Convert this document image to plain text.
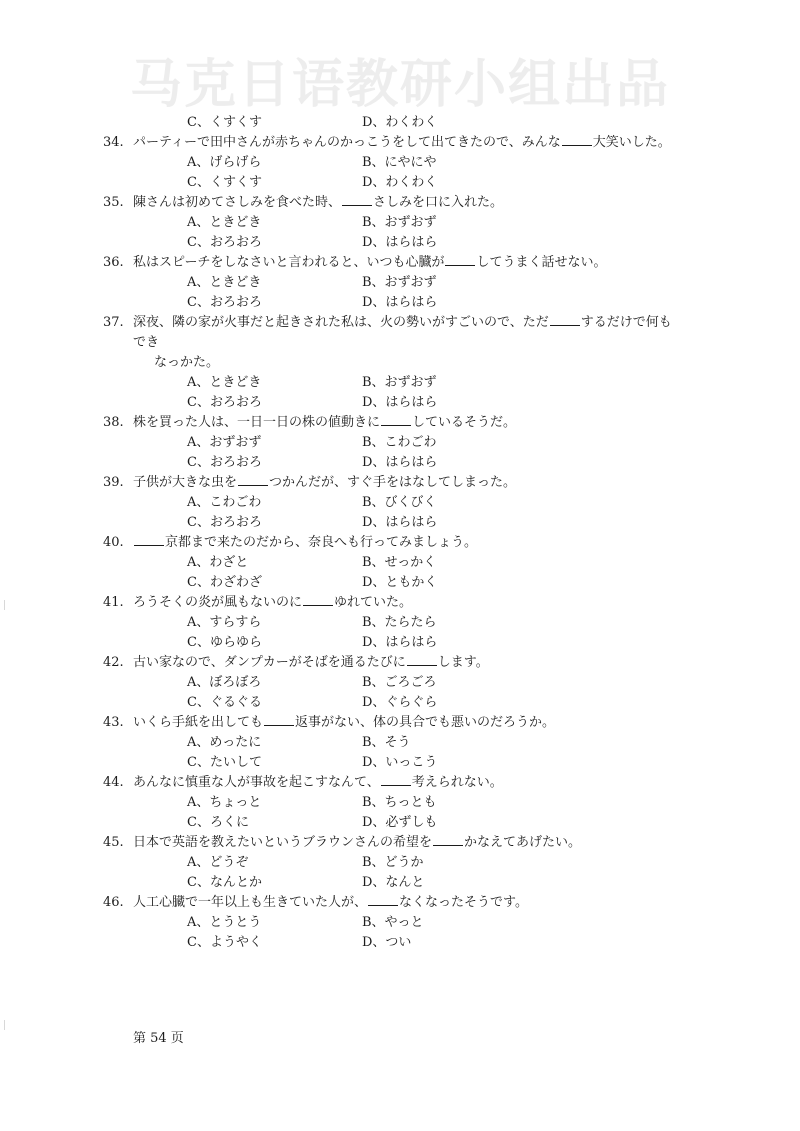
马克日语教研小组出品
C、くすくす	D、わくわく
34. パーティーで田中さんが赤ちゃんのかっこうをして出てきたので、みんな 大笑いした。
A、げらげら	B、にやにや
C、くすくす	D、わくわく
35. 陳さんは初めてさしみを食べた時、 さしみを口に入れた。
A、ときどき	B、おずおず
C、おろおろ	D、はらはら
36. 私はスピーチをしなさいと言われると、いつも心臓が してうまく話せない。
A、ときどき	B、おずおず
C、おろおろ	D、はらはら
37. 深夜、隣の家が火事だと起きされた私は、火の勢いがすごいので、ただ するだけで何もでき
なっかた。
A、ときどき	B、おずおず
C、おろおろ	D、はらはら
38. 株を買った人は、一日一日の株の値動きに しているそうだ。
A、おずおず	B、こわごわ
C、おろおろ	D、はらはら
39. 子供が大きな虫を つかんだが、すぐ手をはなしてしまった。
A、こわごわ	B、びくびく
C、おろおろ	D、はらはら
40.	京都まで来たのだから、奈良へも行ってみましょう。
A、わざと	B、せっかく
C、わざわざ	D、ともかく
41. ろうそくの炎が風もないのに ゆれていた。
A、すらすら	B、たらたら
C、ゆらゆら	D、はらはら
42. 古い家なので、ダンプカーがそばを通るたびに します。
A、ぼろぼろ	B、ごろごろ
C、ぐるぐる	D、ぐらぐら
43. いくら手紙を出しても 返事がない、体の具合でも悪いのだろうか。
A、めったに	B、そう
C、たいして	D、いっこう
44. あんなに慎重な人が事故を起こすなんて、 考えられない。
A、ちょっと	B、ちっとも
C、ろくに	D、必ずしも
45. 日本で英語を教えたいというブラウンさんの希望を かなえてあげたい。
A、どうぞ	B、どうか
C、なんとか	D、なんと
46. 人工心臓で一年以上も生きていた人が、 なくなったそうです。
A、とうとう	B、やっと
C、ようやく	D、つい
第 54 页
